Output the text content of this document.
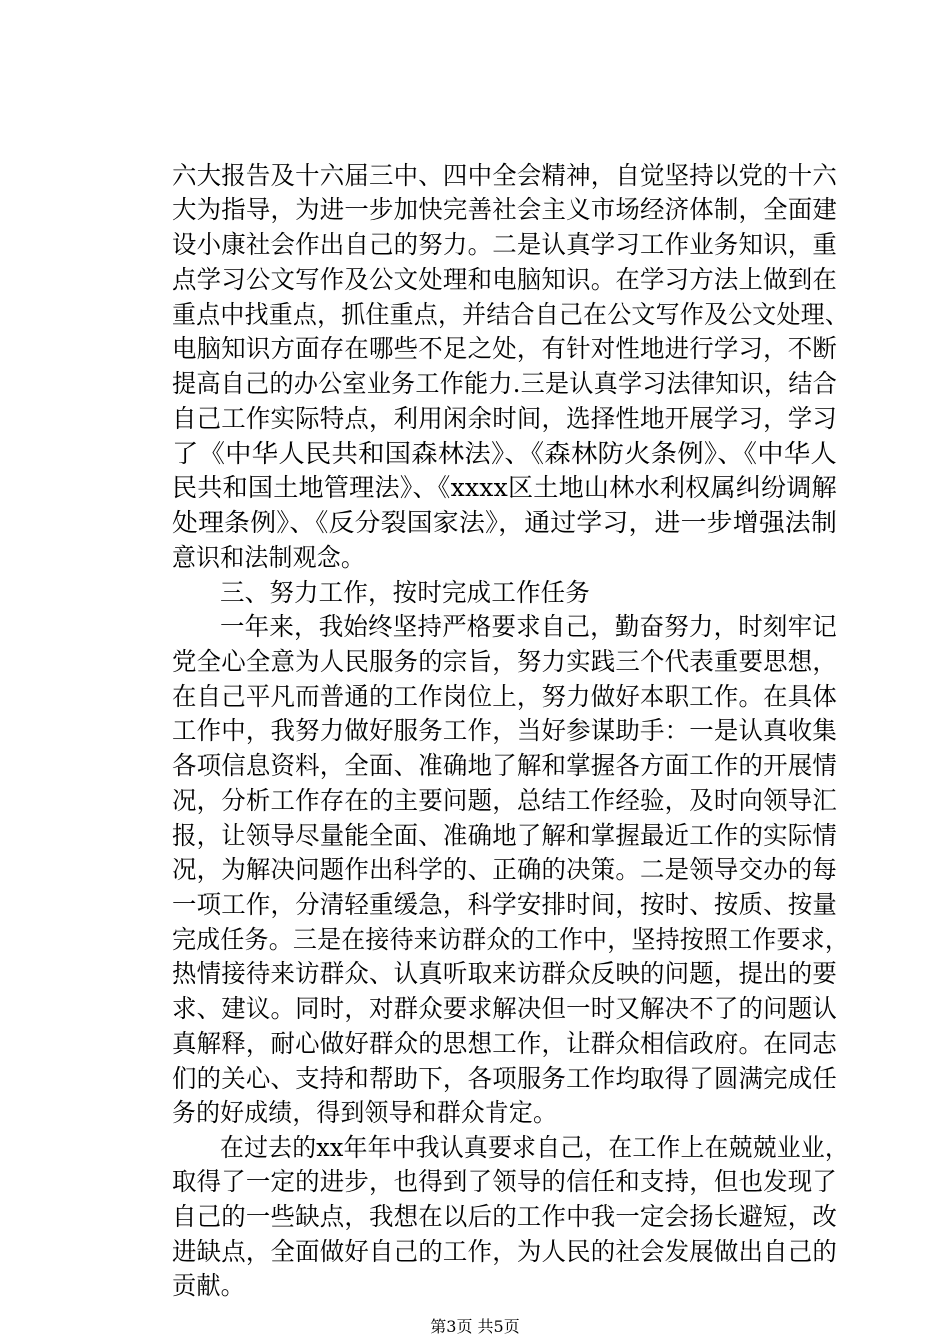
六大报告及十六届三中、四中全会精神，自觉坚持以党的十六
大为指导，为进一步加快完善社会主义市场经济体制，全面建
设小康社会作出自己的努力。二是认真学习工作业务知识，重
点学习公文写作及公文处理和电脑知识。在学习方法上做到在
重点中找重点，抓住重点，并结合自己在公文写作及公文处理、
电脑知识方面存在哪些不足之处，有针对性地进行学习，不断
提高自己的办公室业务工作能力.三是认真学习法律知识，结合
自己工作实际特点，利用闲余时间，选择性地开展学习，学习
了《中华人民共和国森林法》、《森林防火条例》、《中华人
民共和国土地管理法》、《xxxx区土地山林水利权属纠纷调解
处理条例》、《反分裂国家法》，通过学习，进一步增强法制
意识和法制观念。
三、努力工作，按时完成工作任务
一年来，我始终坚持严格要求自己，勤奋努力，时刻牢记
党全心全意为人民服务的宗旨，努力实践三个代表重要思想，
在自己平凡而普通的工作岗位上，努力做好本职工作。在具体
工作中，我努力做好服务工作，当好参谋助手：一是认真收集
各项信息资料，全面、准确地了解和掌握各方面工作的开展情
况，分析工作存在的主要问题，总结工作经验，及时向领导汇
报，让领导尽量能全面、准确地了解和掌握最近工作的实际情
况，为解决问题作出科学的、正确的决策。二是领导交办的每
一项工作，分清轻重缓急，科学安排时间，按时、按质、按量
完成任务。三是在接待来访群众的工作中，坚持按照工作要求，
热情接待来访群众、认真听取来访群众反映的问题，提出的要
求、建议。同时，对群众要求解决但一时又解决不了的问题认
真解释，耐心做好群众的思想工作，让群众相信政府。在同志
们的关心、支持和帮助下，各项服务工作均取得了圆满完成任
务的好成绩，得到领导和群众肯定。
在过去的xx年年中我认真要求自己，在工作上在兢兢业业，
取得了一定的进步，也得到了领导的信任和支持，但也发现了
自己的一些缺点，我想在以后的工作中我一定会扬长避短，改
进缺点，全面做好自己的工作，为人民的社会发展做出自己的
贡献。
第3页 共5页
